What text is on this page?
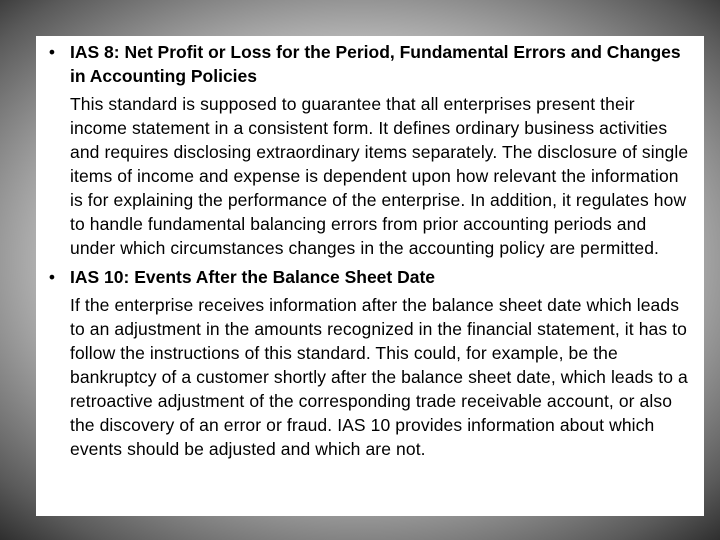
• IAS 8: Net Profit or Loss for the Period, Fundamental Errors and Changes in Accounting Policies
This standard is supposed to guarantee that all enterprises present their income statement in a consistent form. It defines ordinary business activities and requires disclosing extraordinary items separately. The disclosure of single items of income and expense is dependent upon how relevant the information is for explaining the performance of the enterprise. In addition, it regulates how to handle fundamental balancing errors from prior accounting periods and under which circumstances changes in the accounting policy are permitted.
• IAS 10: Events After the Balance Sheet Date
If the enterprise receives information after the balance sheet date which leads to an adjustment in the amounts recognized in the financial statement, it has to follow the instructions of this standard. This could, for example, be the bankruptcy of a customer shortly after the balance sheet date, which leads to a retroactive adjustment of the corresponding trade receivable account, or also the discovery of an error or fraud. IAS 10 provides information about which events should be adjusted and which are not.
